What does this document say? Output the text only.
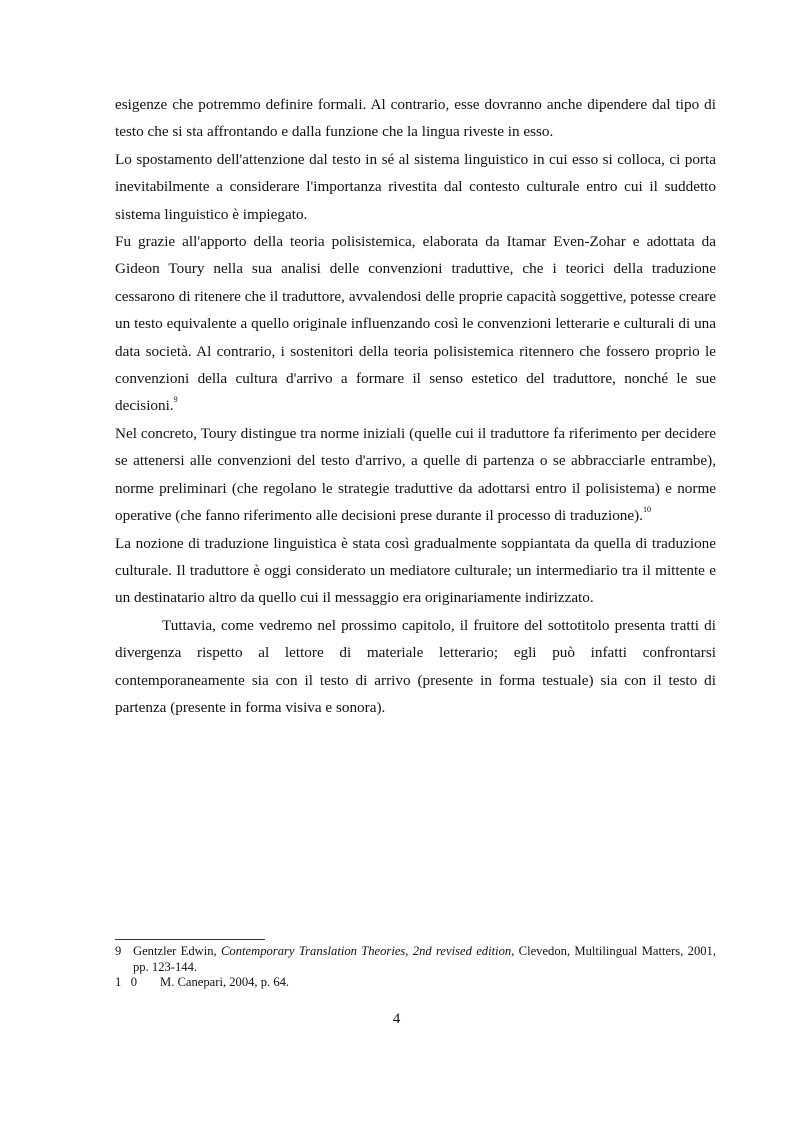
esigenze che potremmo definire formali. Al contrario, esse dovranno anche dipendere dal tipo di testo che si sta affrontando e dalla funzione che la lingua riveste in esso.

Lo spostamento dell'attenzione dal testo in sé al sistema linguistico in cui esso si colloca, ci porta inevitabilmente a considerare l'importanza rivestita dal contesto culturale entro cui il suddetto sistema linguistico è impiegato.

Fu grazie all'apporto della teoria polisistemica, elaborata da Itamar Even-Zohar e adottata da Gideon Toury nella sua analisi delle convenzioni traduttive, che i teorici della traduzione cessarono di ritenere che il traduttore, avvalendosi delle proprie capacità soggettive, potesse creare un testo equivalente a quello originale influenzando così le convenzioni letterarie e culturali di una data società. Al contrario, i sostenitori della teoria polisistemica ritennero che fossero proprio le convenzioni della cultura d'arrivo a formare il senso estetico del traduttore, nonché le sue decisioni.$^9$

Nel concreto, Toury distingue tra norme iniziali (quelle cui il traduttore fa riferimento per decidere se attenersi alle convenzioni del testo d'arrivo, a quelle di partenza o se abbracciarle entrambe), norme preliminari (che regolano le strategie traduttive da adottarsi entro il polisistema) e norme operative (che fanno riferimento alle decisioni prese durante il processo di traduzione).$^{10}$

La nozione di traduzione linguistica è stata così gradualmente soppiantata da quella di traduzione culturale. Il traduttore è oggi considerato un mediatore culturale; un intermediario tra il mittente e un destinatario altro da quello cui il messaggio era originariamente indirizzato.

Tuttavia, come vedremo nel prossimo capitolo, il fruitore del sottotitolo presenta tratti di divergenza rispetto al lettore di materiale letterario; egli può infatti confrontarsi contemporaneamente sia con il testo di arrivo (presente in forma testuale) sia con il testo di partenza (presente in forma visiva e sonora).

9 Gentzler Edwin, Contemporary Translation Theories, 2nd revised edition, Clevedon, Multilingual Matters, 2001, pp. 123-144.
1   0 M. Canepari, 2004, p. 64.
4
